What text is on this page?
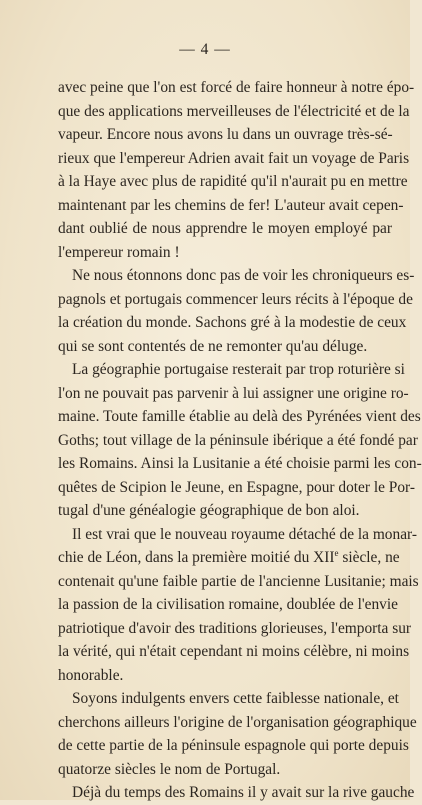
— 4 —
avec peine que l'on est forcé de faire honneur à notre épo-
que des applications merveilleuses de l'électricité et de la
vapeur. Encore nous avons lu dans un ouvrage très-sé-
rieux que l'empereur Adrien avait fait un voyage de Paris
à la Haye avec plus de rapidité qu'il n'aurait pu en mettre
maintenant par les chemins de fer! L'auteur avait cepen-
dant oublié de nous apprendre le moyen employé par
l'empereur romain !
Ne nous étonnons donc pas de voir les chroniqueurs es-
pagnols et portugais commencer leurs récits à l'époque de
la création du monde. Sachons gré à la modestie de ceux
qui se sont contentés de ne remonter qu'au déluge.
La géographie portugaise resterait par trop roturière si
l'on ne pouvait pas parvenir à lui assigner une origine ro-
maine. Toute famille établie au delà des Pyrénées vient des
Goths; tout village de la péninsule ibérique a été fondé par
les Romains. Ainsi la Lusitanie a été choisie parmi les con-
quêtes de Scipion le Jeune, en Espagne, pour doter le Por-
tugal d'une généalogie géographique de bon aloi.
Il est vrai que le nouveau royaume détaché de la monar-
chie de Léon, dans la première moitié du XIIe siècle, ne
contenait qu'une faible partie de l'ancienne Lusitanie; mais
la passion de la civilisation romaine, doublée de l'envie
patriotique d'avoir des traditions glorieuses, l'emporta sur
la vérité, qui n'était cependant ni moins célèbre, ni moins
honorable.
Soyons indulgents envers cette faiblesse nationale, et
cherchons ailleurs l'origine de l'organisation géographique
de cette partie de la péninsule espagnole qui porte depuis
quatorze siècles le nom de Portugal.
Déjà du temps des Romains il y avait sur la rive gauche
